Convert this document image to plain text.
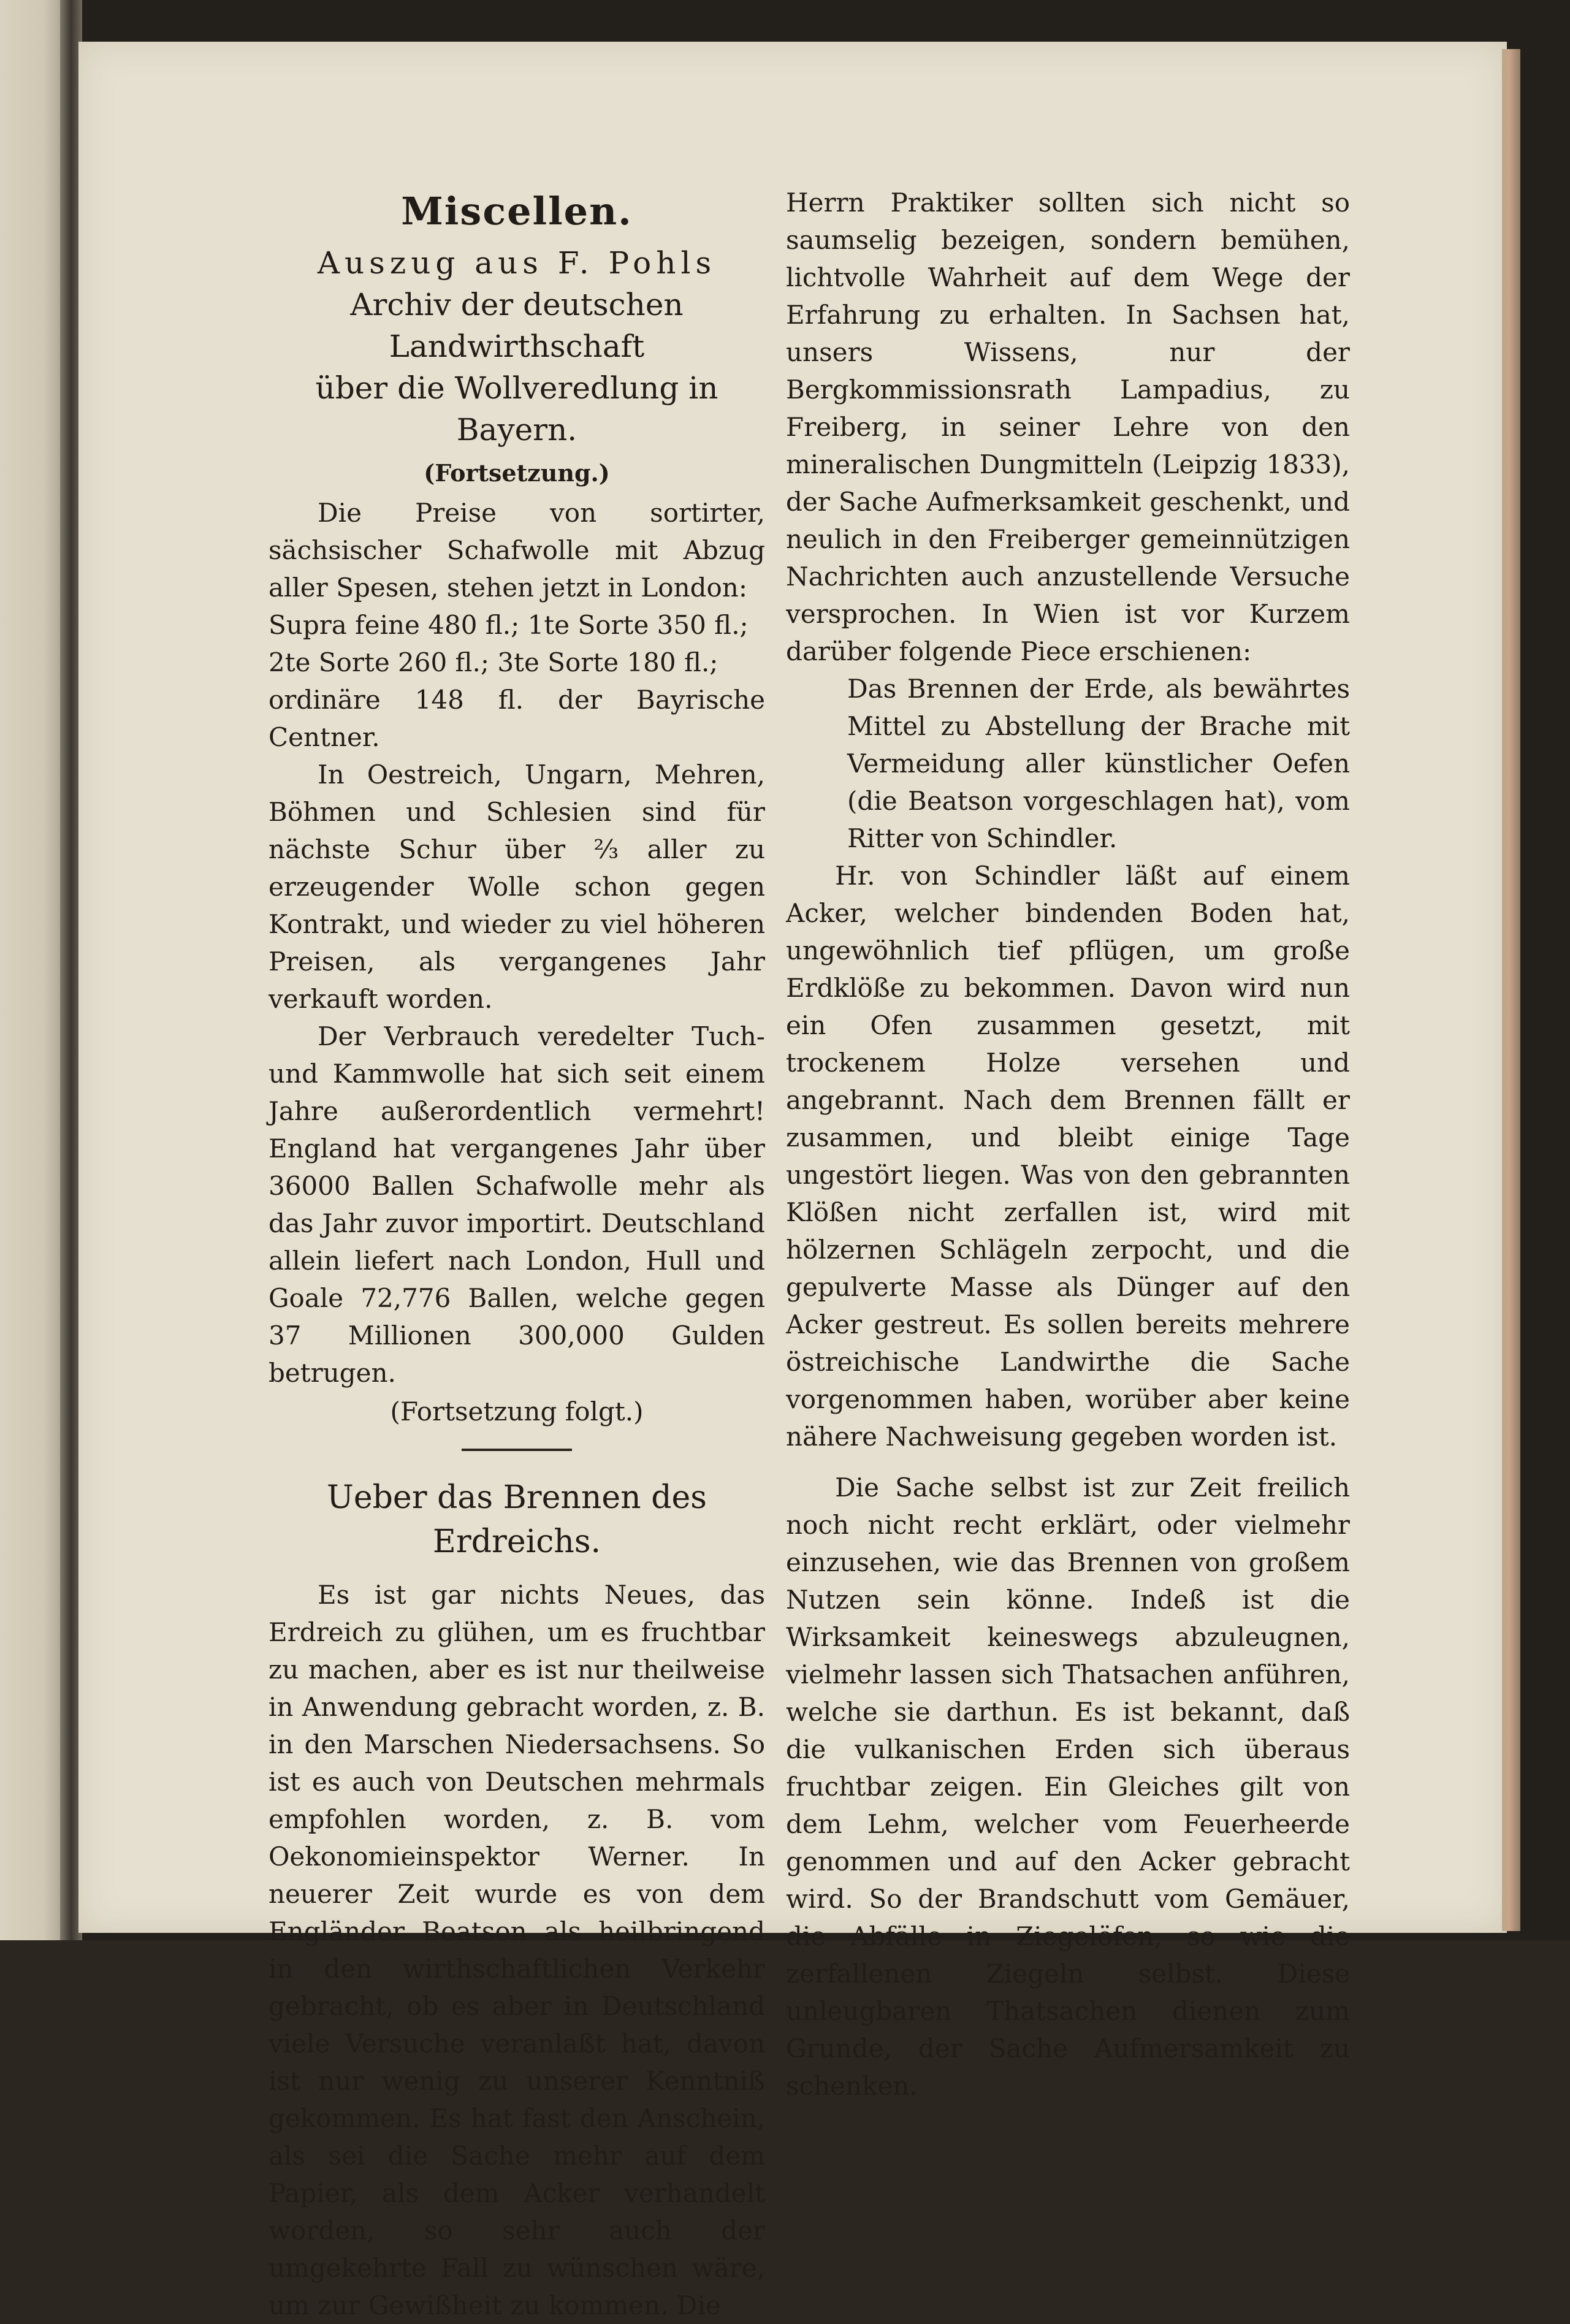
Miscellen.
Auszug aus F. Pohls
Archiv der deutschen Landwirthschaft
über die Wollveredlung in Bayern.
(Fortsetzung.)

Die Preise von sortirter, sächsischer Schafwolle mit Abzug aller Spesen, stehen jetzt in London:

Supra feine 480 fl.; 1te Sorte 350 fl.;

2te Sorte 260 fl.; 3te Sorte 180 fl.;

ordinäre 148 fl. der Bayrische Centner.

In Oestreich, Ungarn, Mehren, Böhmen und Schlesien sind für nächste Schur über ⅔ aller zu erzeugender Wolle schon gegen Kontrakt, und wieder zu viel höheren Preisen, als vergangenes Jahr verkauft worden.

Der Verbrauch veredelter Tuch- und Kammwolle hat sich seit einem Jahre außerordentlich vermehrt! England hat vergangenes Jahr über 36000 Ballen Schafwolle mehr als das Jahr zuvor importirt. Deutschland allein liefert nach London, Hull und Goale 72,776 Ballen, welche gegen 37 Millionen 300,000 Gulden betrugen.

(Fortsetzung folgt.)
Ueber das Brennen des Erdreichs.

Es ist gar nichts Neues, das Erdreich zu glühen, um es fruchtbar zu machen, aber es ist nur theilweise in Anwendung gebracht worden, z. B. in den Marschen Niedersachsens. So ist es auch von Deutschen mehrmals empfohlen worden, z. B. vom Oekonomieinspektor Werner. In neuerer Zeit wurde es von dem Engländer Beatson als heilbringend in den wirthschaftlichen Verkehr gebracht, ob es aber in Deutschland viele Versuche veranlaßt hat, davon ist nur wenig zu unserer Kenntniß gekommen. Es hat fast den Anschein, als sei die Sache mehr auf dem Papier, als dem Acker verhandelt worden, so sehr auch der umgekehrte Fall zu wünschen wäre, um zur Gewißheit zu kommen. Die

Herrn Praktiker sollten sich nicht so saumselig bezeigen, sondern bemühen, lichtvolle Wahrheit auf dem Wege der Erfahrung zu erhalten. In Sachsen hat, unsers Wissens, nur der Bergkommissionsrath Lampadius, zu Freiberg, in seiner Lehre von den mineralischen Dungmitteln (Leipzig 1833), der Sache Aufmerksamkeit geschenkt, und neulich in den Freiberger gemeinnützigen Nachrichten auch anzustellende Versuche versprochen. In Wien ist vor Kurzem darüber folgende Piece erschienen:

Das Brennen der Erde, als bewährtes Mittel zu Abstellung der Brache mit Vermeidung aller künstlicher Oefen (die Beatson vorgeschlagen hat), vom Ritter von Schindler.

Hr. von Schindler läßt auf einem Acker, welcher bindenden Boden hat, ungewöhnlich tief pflügen, um große Erdklöße zu bekommen. Davon wird nun ein Ofen zusammen gesetzt, mit trockenem Holze versehen und angebrannt. Nach dem Brennen fällt er zusammen, und bleibt einige Tage ungestört liegen. Was von den gebrannten Klößen nicht zerfallen ist, wird mit hölzernen Schlägeln zerpocht, und die gepulverte Masse als Dünger auf den Acker gestreut. Es sollen bereits mehrere östreichische Landwirthe die Sache vorgenommen haben, worüber aber keine nähere Nachweisung gegeben worden ist.

Die Sache selbst ist zur Zeit freilich noch nicht recht erklärt, oder vielmehr einzusehen, wie das Brennen von großem Nutzen sein könne. Indeß ist die Wirksamkeit keineswegs abzuleugnen, vielmehr lassen sich Thatsachen anführen, welche sie darthun. Es ist bekannt, daß die vulkanischen Erden sich überaus fruchtbar zeigen. Ein Gleiches gilt von dem Lehm, welcher vom Feuerheerde genommen und auf den Acker gebracht wird. So der Brandschutt vom Gemäuer, die Abfälle in Ziegelöfen, so wie die zerfallenen Ziegeln selbst. Diese unleugbaren Thatsachen dienen zum Grunde, der Sache Aufmersamkeit zu schenken.
